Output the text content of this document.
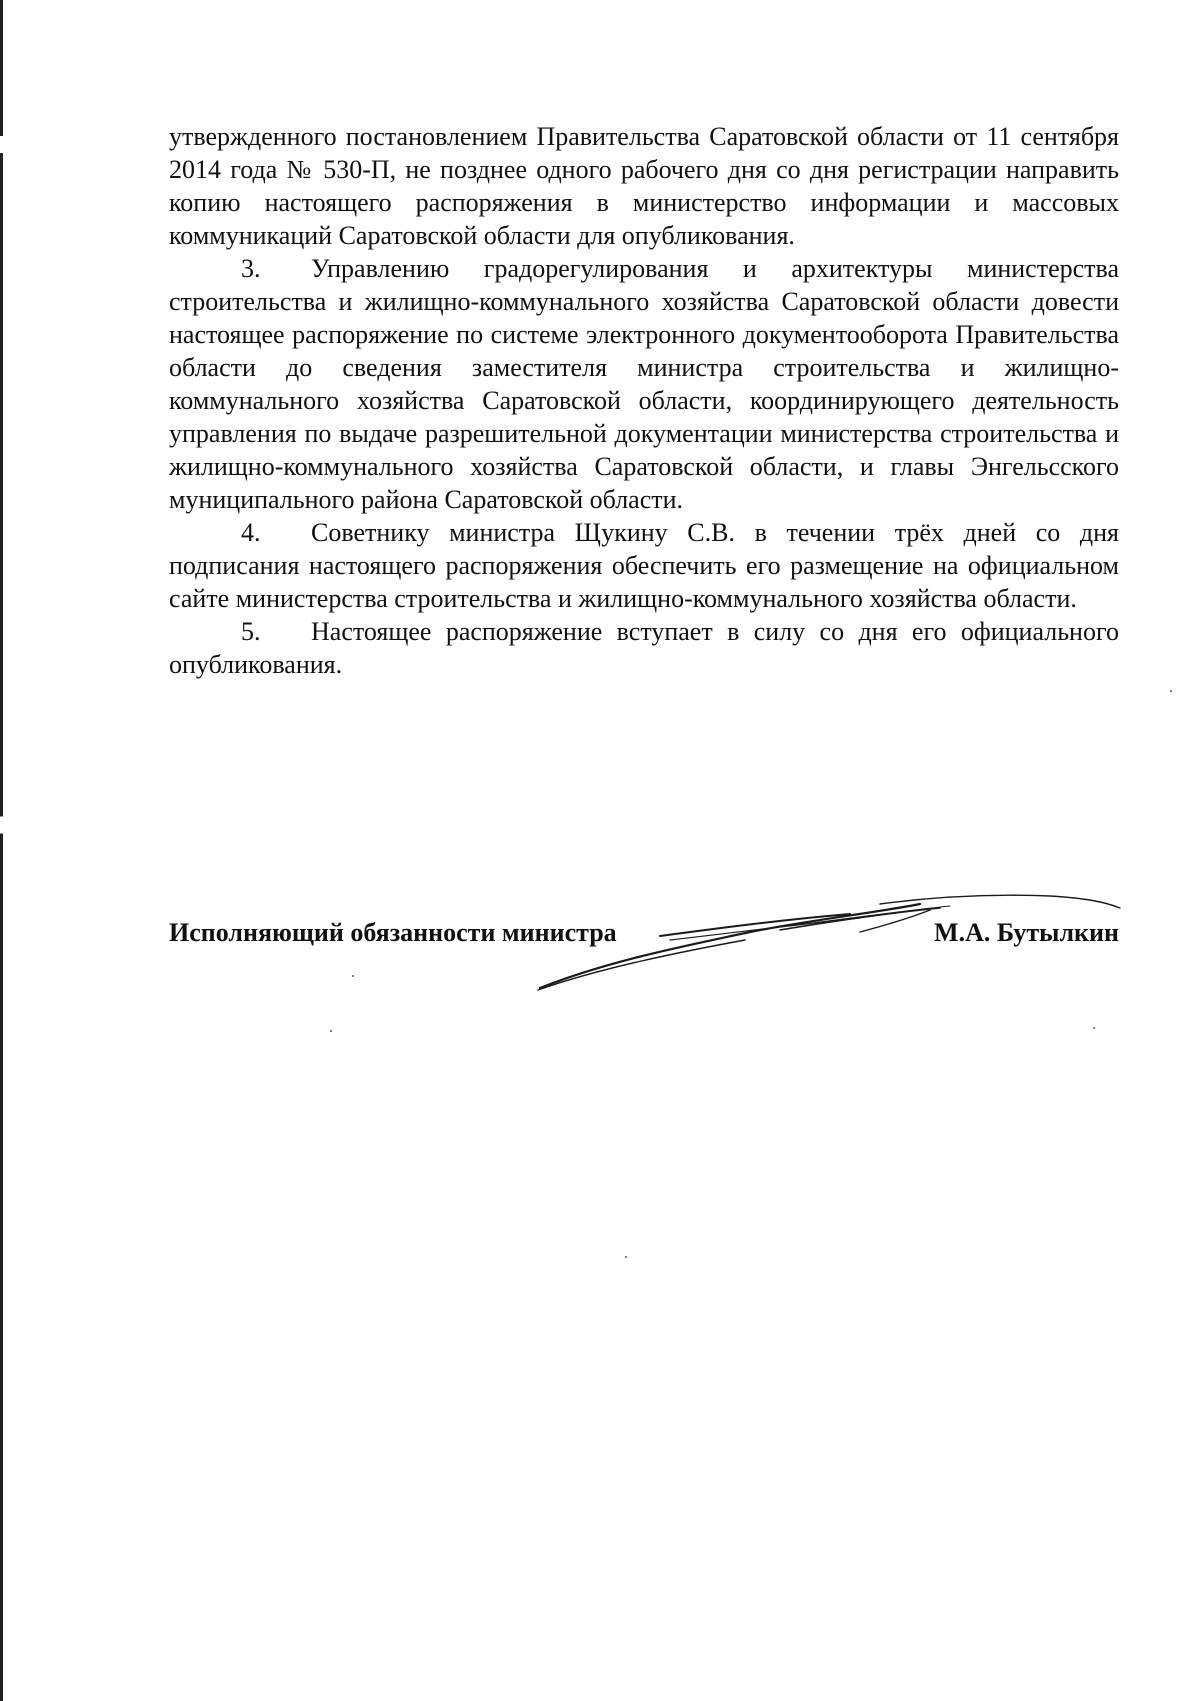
утвержденного постановлением Правительства Саратовской области от 11 сентября 2014 года № 530-П, не позднее одного рабочего дня со дня регистрации направить копию настоящего распоряжения в министерство информации и массовых коммуникаций Саратовской области для опубликования.

3. Управлению градорегулирования и архитектуры министерства строительства и жилищно-коммунального хозяйства Саратовской области довести настоящее распоряжение по системе электронного документооборота Правительства области до сведения заместителя министра строительства и жилищно-коммунального хозяйства Саратовской области, координирующего деятельность управления по выдаче разрешительной документации министерства строительства и жилищно-коммунального хозяйства Саратовской области, и главы Энгельсского муниципального района Саратовской области.

4. Советнику министра Щукину С.В. в течении трёх дней со дня подписания настоящего распоряжения обеспечить его размещение на официальном сайте министерства строительства и жилищно-коммунального хозяйства области.

5. Настоящее распоряжение вступает в силу со дня его официального опубликования.

Исполняющий обязанности министра	М.А. Бутылкин
